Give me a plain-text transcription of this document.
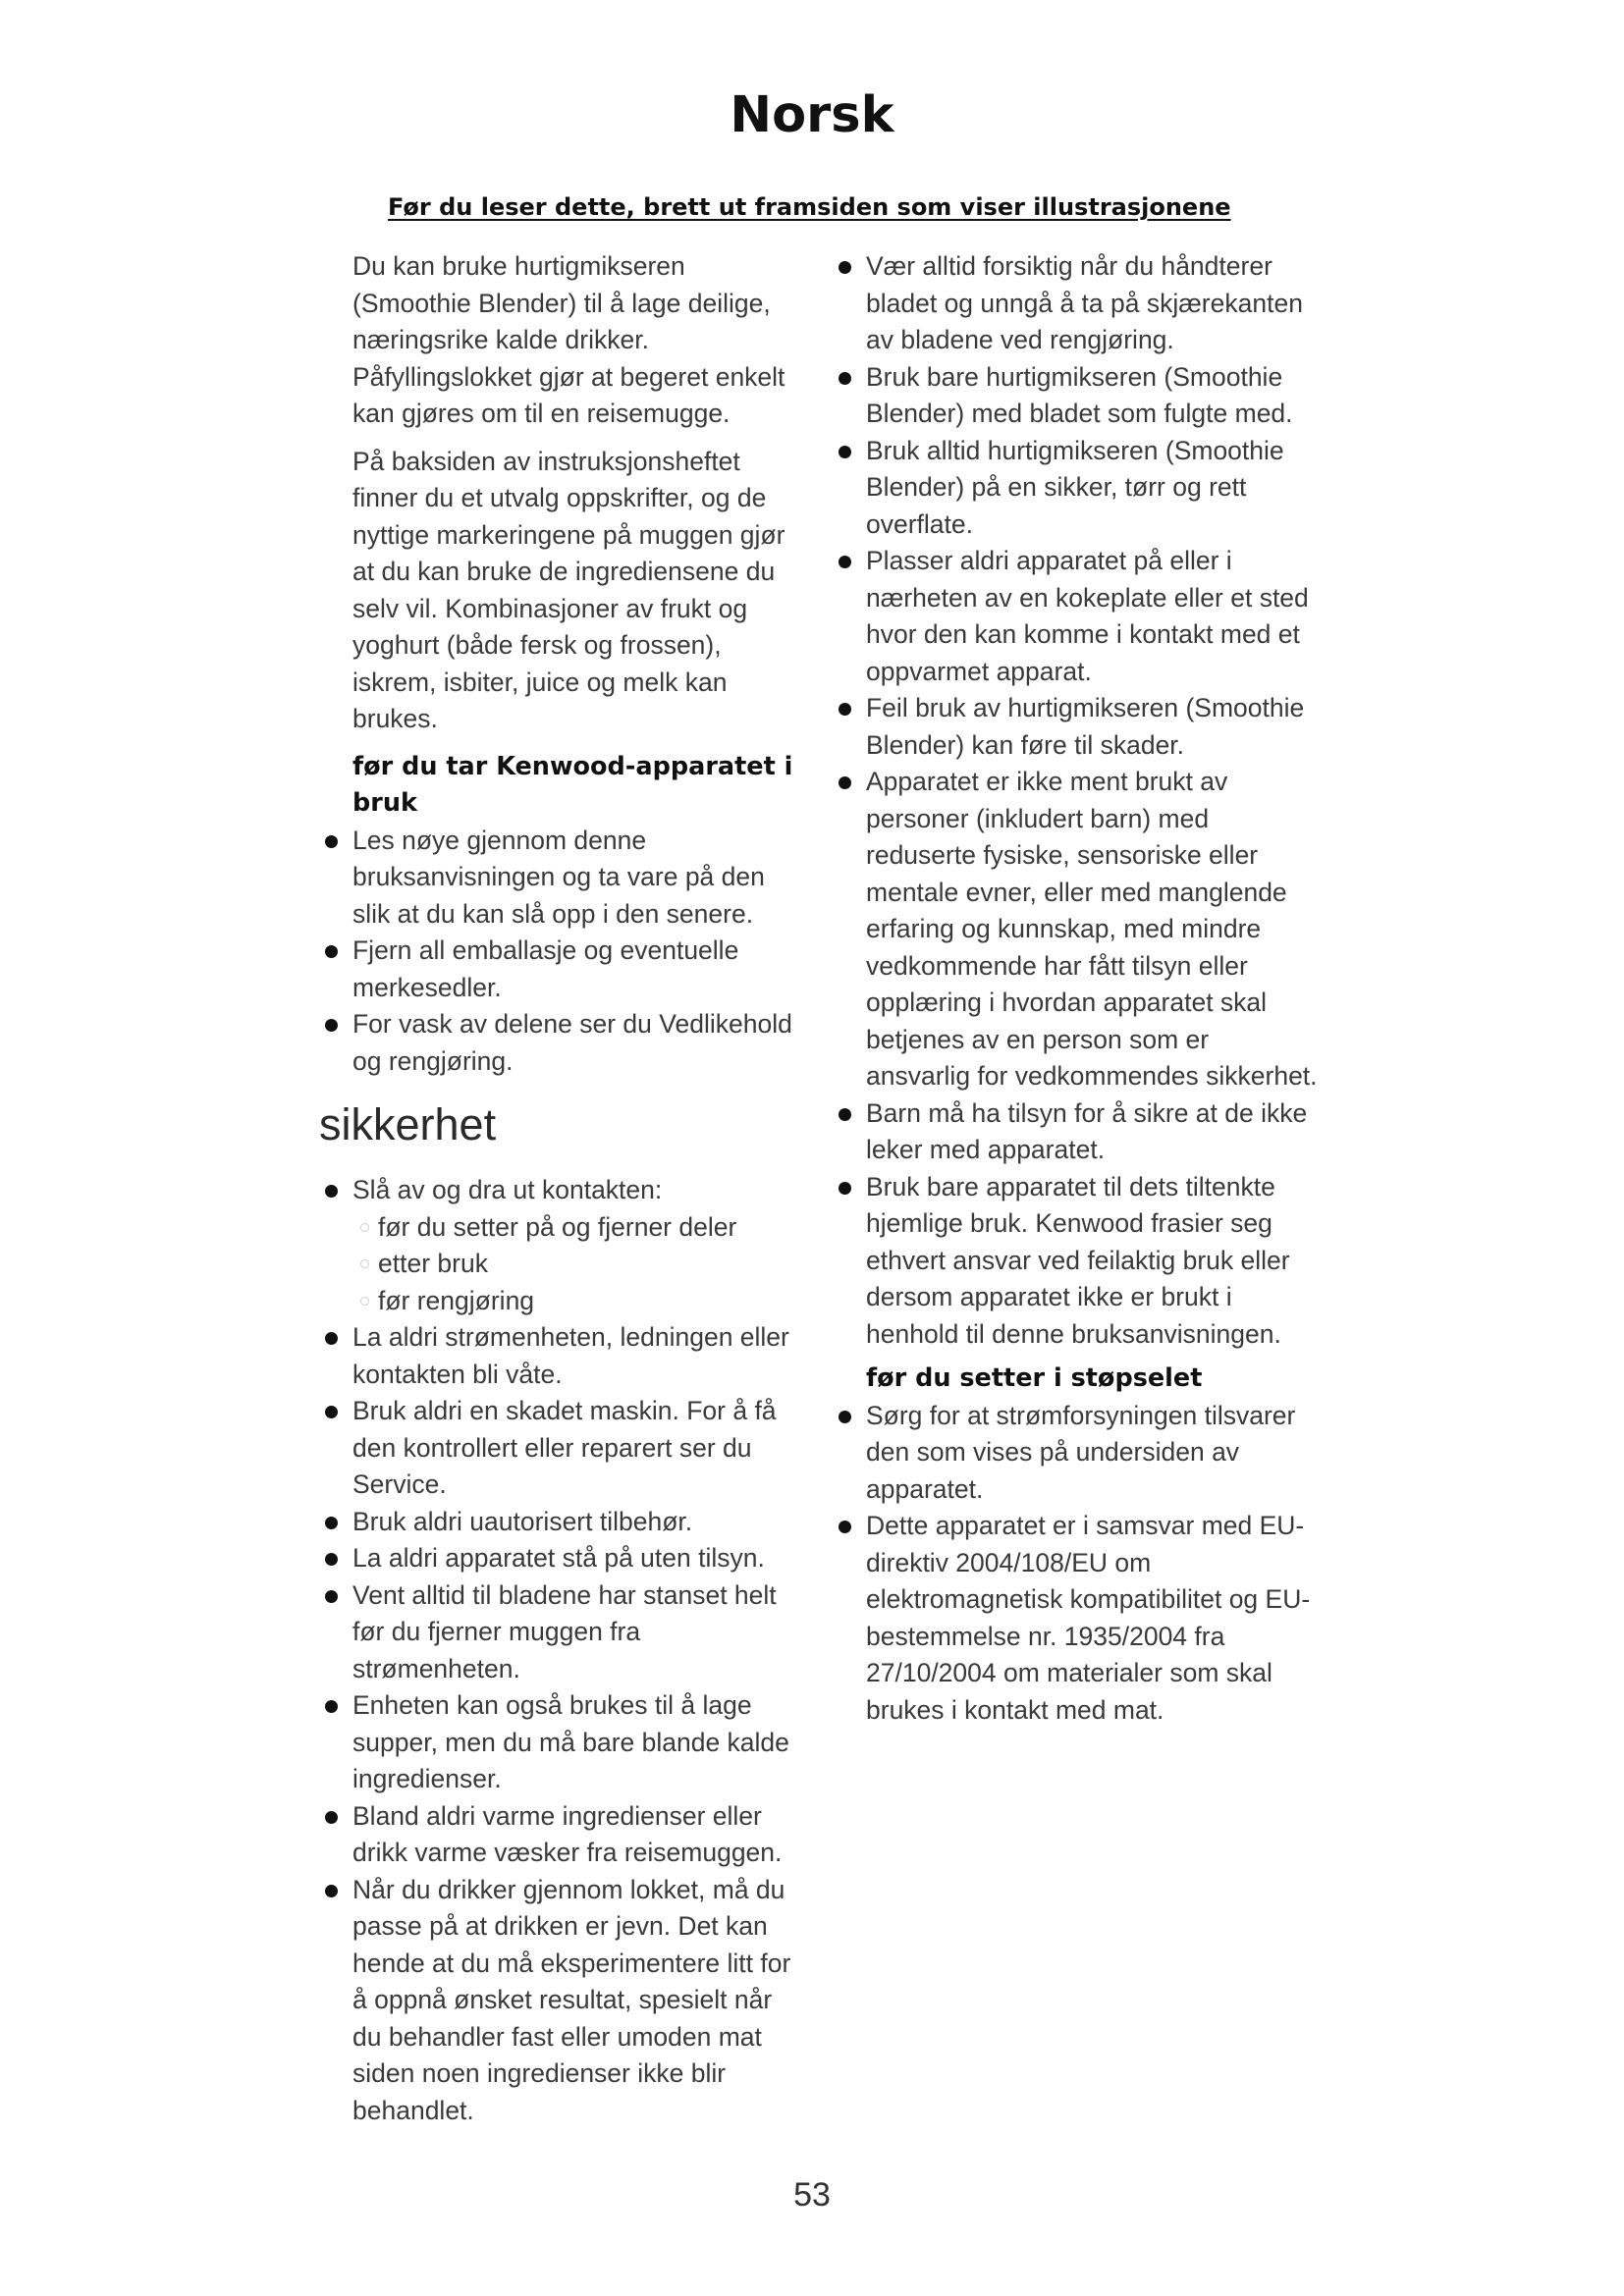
Norsk
Før du leser dette, brett ut framsiden som viser illustrasjonene

Du kan bruke hurtigmikseren (Smoothie Blender) til å lage deilige, næringsrike kalde drikker. Påfyllingslokket gjør at begeret enkelt kan gjøres om til en reisemugge.

På baksiden av instruksjonsheftet finner du et utvalg oppskrifter, og de nyttige markeringene på muggen gjør at du kan bruke de ingrediensene du selv vil. Kombinasjoner av frukt og yoghurt (både fersk og frossen), iskrem, isbiter, juice og melk kan brukes.

før du tar Kenwood-apparatet i bruk
Les nøye gjennom denne bruksanvisningen og ta vare på den slik at du kan slå opp i den senere.
Fjern all emballasje og eventuelle merkesedler.
For vask av delene ser du Vedlikehold og rengjøring.
sikkerhet
Slå av og dra ut kontakten:
før du setter på og fjerner deler
etter bruk
før rengjøring
La aldri strømenheten, ledningen eller kontakten bli våte.
Bruk aldri en skadet maskin. For å få den kontrollert eller reparert ser du Service.
Bruk aldri uautorisert tilbehør.
La aldri apparatet stå på uten tilsyn.
Vent alltid til bladene har stanset helt før du fjerner muggen fra strømenheten.
Enheten kan også brukes til å lage supper, men du må bare blande kalde ingredienser.
Bland aldri varme ingredienser eller drikk varme væsker fra reisemuggen.
Når du drikker gjennom lokket, må du passe på at drikken er jevn. Det kan hende at du må eksperimentere litt for å oppnå ønsket resultat, spesielt når du behandler fast eller umoden mat siden noen ingredienser ikke blir behandlet.
Vær alltid forsiktig når du håndterer bladet og unngå å ta på skjærekanten av bladene ved rengjøring.
Bruk bare hurtigmikseren (Smoothie Blender) med bladet som fulgte med.
Bruk alltid hurtigmikseren (Smoothie Blender) på en sikker, tørr og rett overflate.
Plasser aldri apparatet på eller i nærheten av en kokeplate eller et sted hvor den kan komme i kontakt med et oppvarmet apparat.
Feil bruk av hurtigmikseren (Smoothie Blender) kan føre til skader.
Apparatet er ikke ment brukt av personer (inkludert barn) med reduserte fysiske, sensoriske eller mentale evner, eller med manglende erfaring og kunnskap, med mindre vedkommende har fått tilsyn eller opplæring i hvordan apparatet skal betjenes av en person som er ansvarlig for vedkommendes sikkerhet.
Barn må ha tilsyn for å sikre at de ikke leker med apparatet.
Bruk bare apparatet til dets tiltenkte hjemlige bruk. Kenwood frasier seg ethvert ansvar ved feilaktig bruk eller dersom apparatet ikke er brukt i henhold til denne bruksanvisningen.
før du setter i støpselet
Sørg for at strømforsyningen tilsvarer den som vises på undersiden av apparatet.
Dette apparatet er i samsvar med EU-direktiv 2004/108/EU om elektromagnetisk kompatibilitet og EU-bestemmelse nr. 1935/2004 fra 27/10/2004 om materialer som skal brukes i kontakt med mat.
53
